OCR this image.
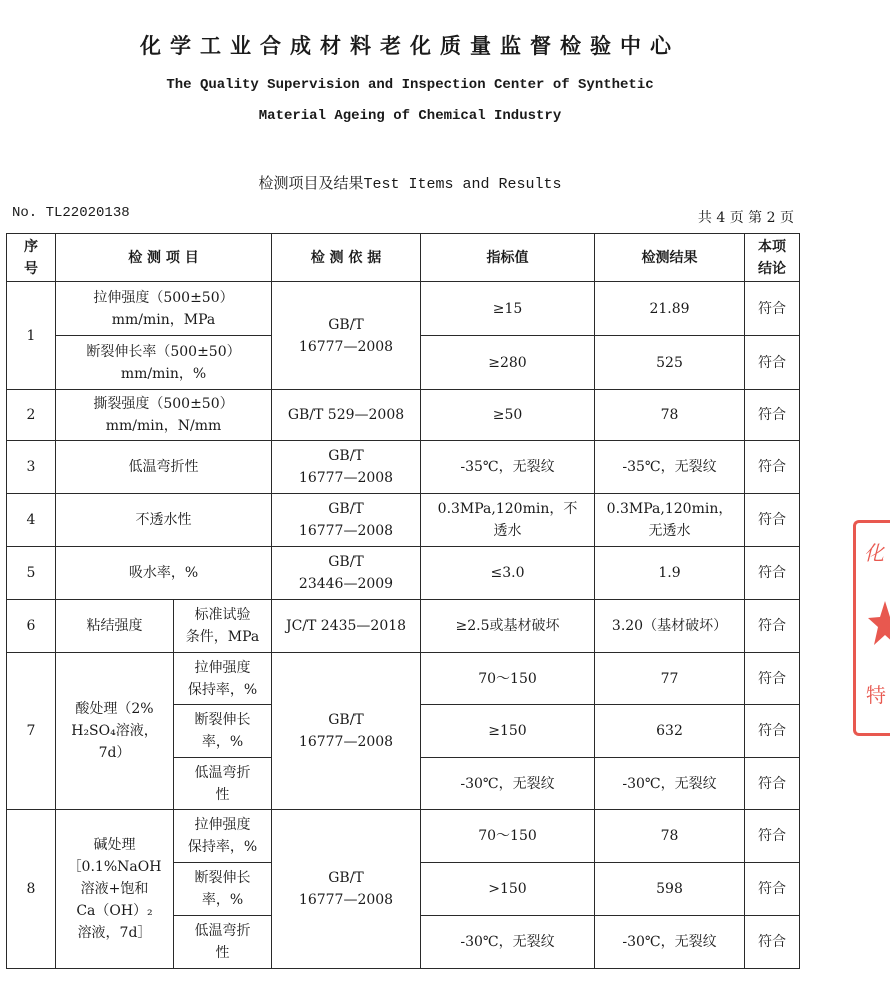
化学工业合成材料老化质量监督检验中心
The Quality Supervision and Inspection Center of Synthetic
Material Ageing of Chemical Industry
检测项目及结果Test Items and Results
No. TL22020138	共 4 页 第 2 页
序
号	检 测 项 目		检 测 依 据	指标值	检测结果	本项
结论
1	拉伸强度（500±50）
mm/min，MPa		GB/T
16777—2008	≥15	21.89	符合
	断裂伸长率（500±50）
mm/min，%			≥280	525	符合
2	撕裂强度（500±50）
mm/min，N/mm		GB/T 529—2008	≥50	78	符合
3	低温弯折性		GB/T
16777—2008	-35℃，无裂纹	-35℃，无裂纹	符合
4	不透水性		GB/T
16777—2008	0.3MPa,120min，不
透水	0.3MPa,120min，
无透水	符合
5	吸水率，%		GB/T
23446—2009	≤3.0	1.9	符合
6	粘结强度	标准试验
条件，MPa	JC/T 2435—2018	≥2.5或基材破坏	3.20（基材破坏）	符合
7	酸处理（2%
H₂SO₄溶液，
7d）	拉伸强度
保持率，%	GB/T
16777—2008	70～150	77	符合
		断裂伸长
率，%		≥150	632	符合
		低温弯折
性		-30℃，无裂纹	-30℃，无裂纹	符合
8	碱处理
［0.1%NaOH
溶液+饱和
Ca（OH）₂
溶液，7d］	拉伸强度
保持率，%	GB/T
16777—2008	70～150	78	符合
		断裂伸长
率，%		>150	598	符合
		低温弯折
性		-30℃，无裂纹	-30℃，无裂纹	符合
化
特
